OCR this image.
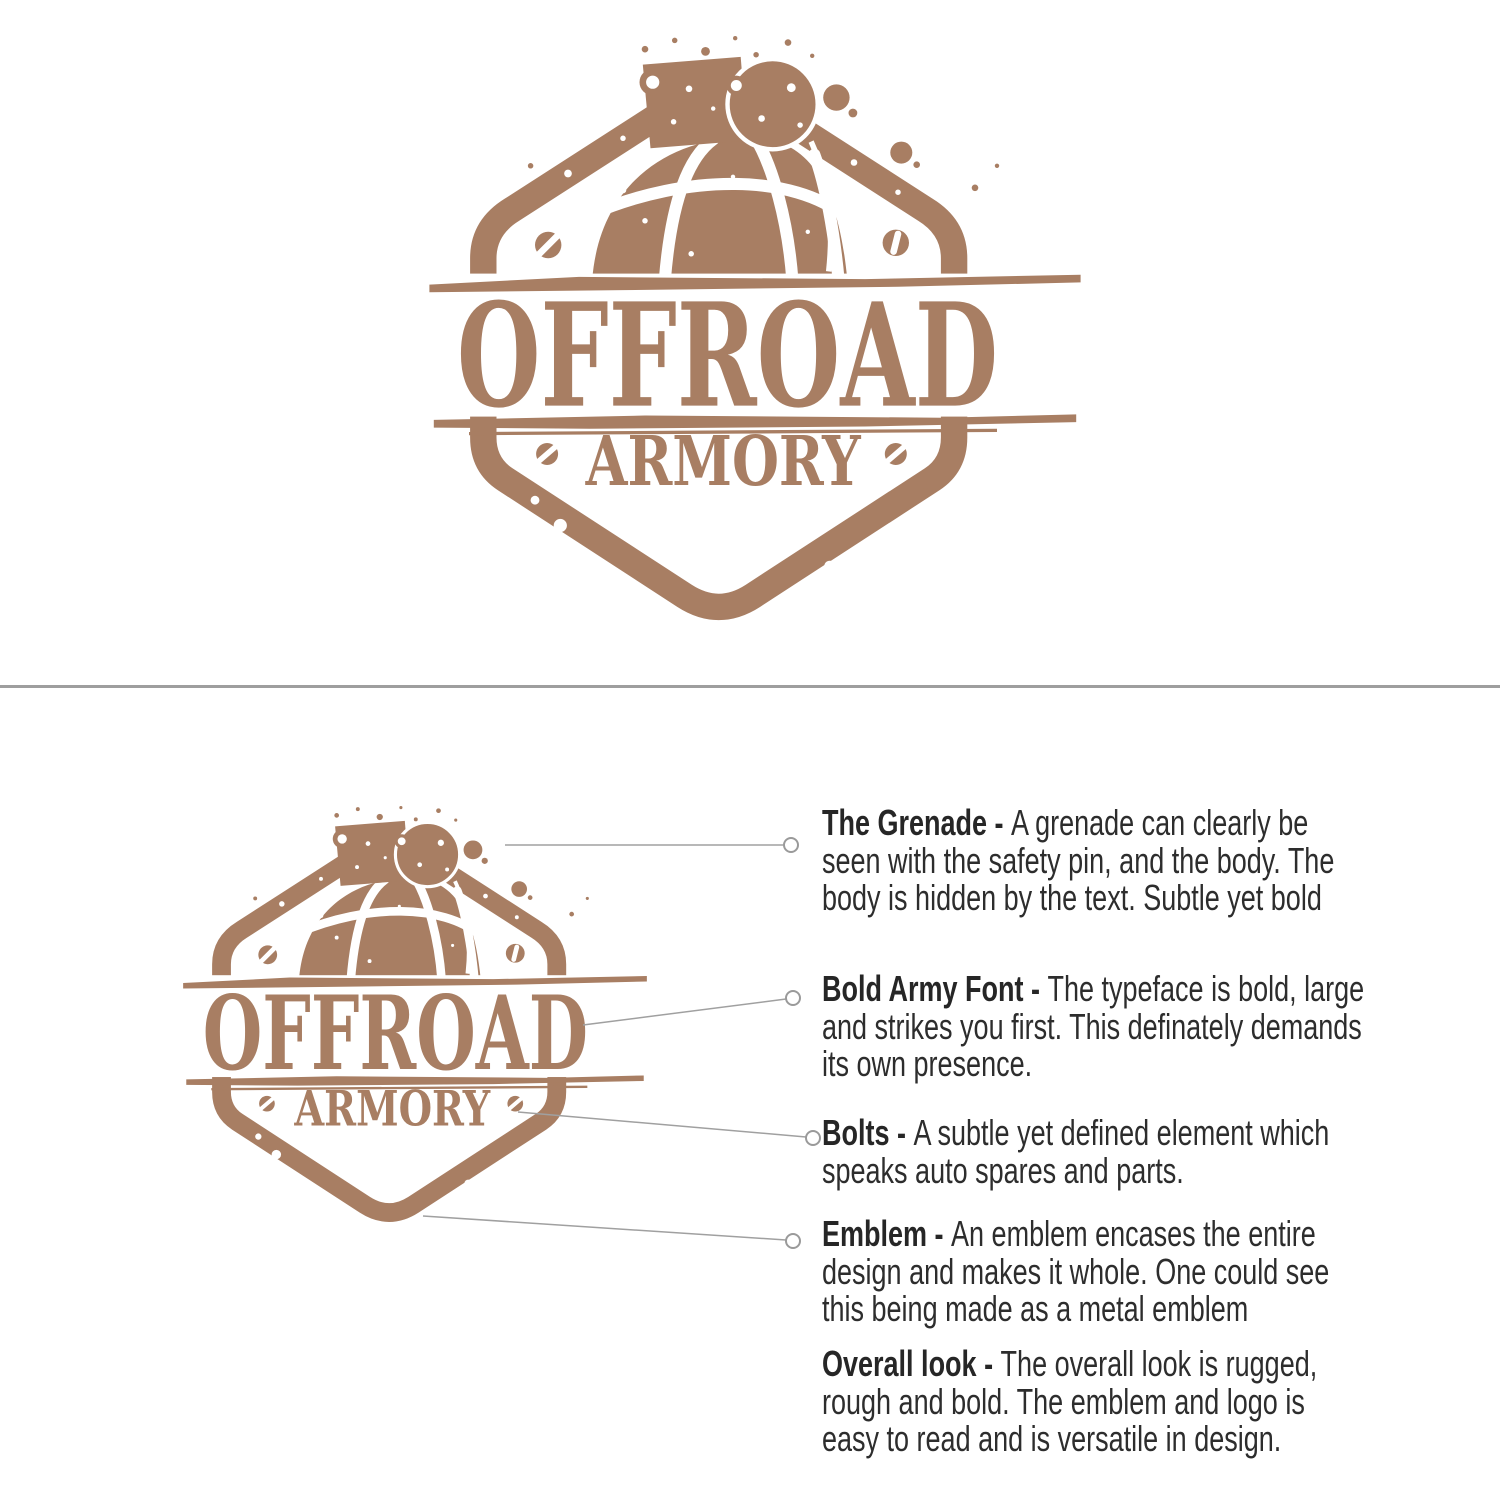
The Grenade - A grenade can clearly be
seen with the safety pin, and the body. The
body is hidden by the text. Subtle yet bold
Bold Army Font - The typeface is bold, large
and strikes you first. This definately demands
its own presence.
Bolts - A subtle yet defined element which
speaks auto spares and parts.
Emblem - An emblem encases the entire
design and makes it whole. One could see
this being made as a metal emblem
Overall look - The overall look is rugged,
rough and bold. The emblem and logo is
easy to read and is versatile in design.
